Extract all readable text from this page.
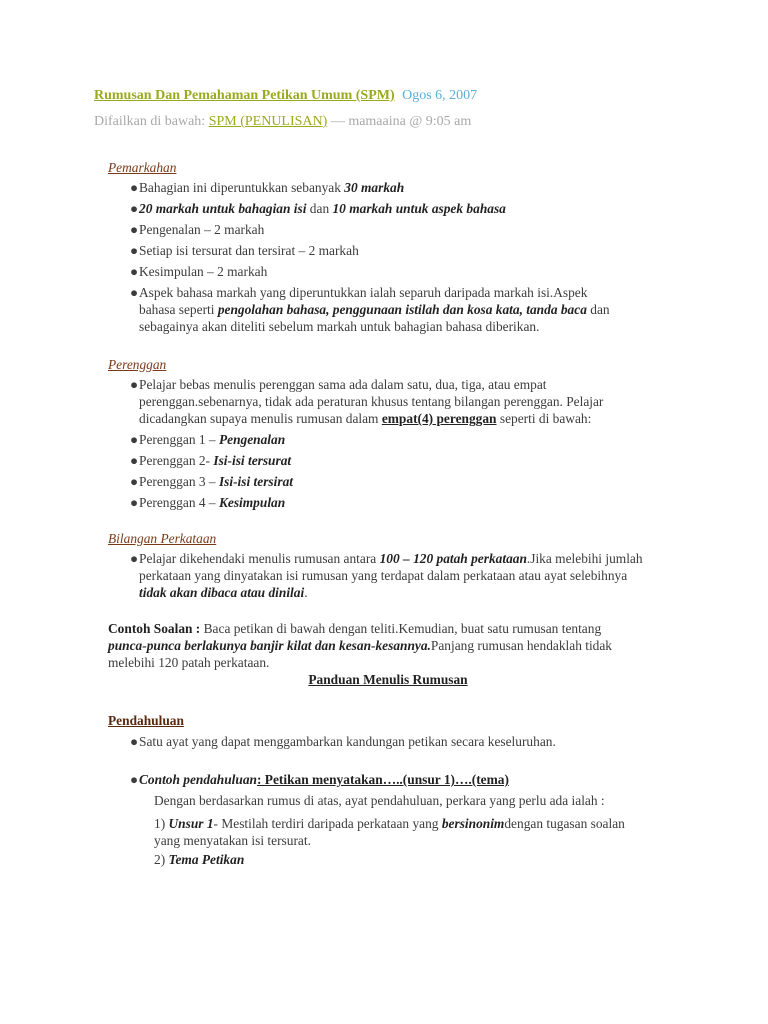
Rumusan Dan Pemahaman Petikan Umum (SPM) Ogos 6, 2007
Difailkan di bawah: SPM (PENULISAN) — mamaaina @ 9:05 am

Pemarkahan

●Bahagian ini diperuntukkan sebanyak 30 markah
●20 markah untuk bahagian isi dan 10 markah untuk aspek bahasa
●Pengenalan – 2 markah
●Setiap isi tersurat dan tersirat – 2 markah
●Kesimpulan – 2 markah
●Aspek bahasa markah yang diperuntukkan ialah separuh daripada markah isi.Aspek bahasa seperti pengolahan bahasa, penggunaan istilah dan kosa kata, tanda baca dan sebagainya akan diteliti sebelum markah untuk bahagian bahasa diberikan.

Perenggan

●Pelajar bebas menulis perenggan sama ada dalam satu, dua, tiga, atau empat perenggan.sebenarnya, tidak ada peraturan khusus tentang bilangan perenggan. Pelajar dicadangkan supaya menulis rumusan dalam empat(4) perenggan seperti di bawah:
●Perenggan 1 – Pengenalan
●Perenggan 2- Isi-isi tersurat
●Perenggan 3 – Isi-isi tersirat
●Perenggan 4 – Kesimpulan

Bilangan Perkataan

●Pelajar dikehendaki menulis rumusan antara 100 – 120 patah perkataan.Jika melebihi jumlah perkataan yang dinyatakan isi rumusan yang terdapat dalam perkataan atau ayat selebihnya tidak akan dibaca atau dinilai.

Contoh Soalan : Baca petikan di bawah dengan teliti.Kemudian, buat satu rumusan tentang punca-punca berlakunya banjir kilat dan kesan-kesannya.Panjang rumusan hendaklah tidak melebihi 120 patah perkataan.

Panduan Menulis Rumusan

Pendahuluan

●Satu ayat yang dapat menggambarkan kandungan petikan secara keseluruhan.
●Contoh pendahuluan: Petikan menyatakan…..(unsur 1)….(tema)

Dengan berdasarkan rumus di atas, ayat pendahuluan, perkara yang perlu ada ialah :

1) Unsur 1- Mestilah terdiri daripada perkataan yang bersinonimdengan tugasan soalan yang menyatakan isi tersurat.

2) Tema Petikan
